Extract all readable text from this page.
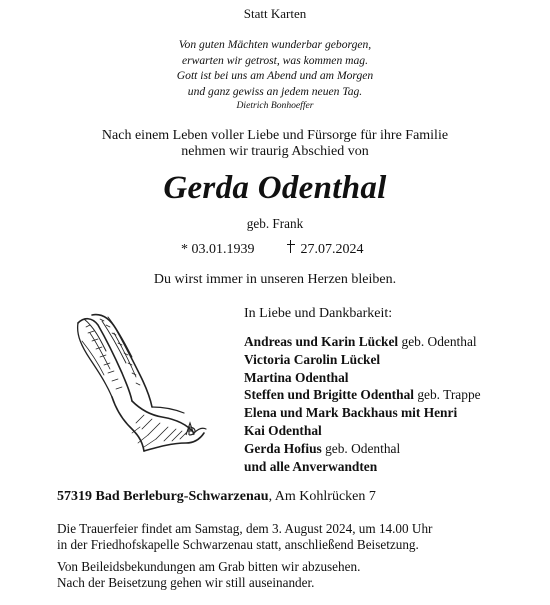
Statt Karten
Von guten Mächten wunderbar geborgen,
erwarten wir getrost, was kommen mag.
Gott ist bei uns am Abend und am Morgen
und ganz gewiss an jedem neuen Tag.
Dietrich Bonhoeffer
Nach einem Leben voller Liebe und Fürsorge für ihre Familie
nehmen wir traurig Abschied von
Gerda Odenthal
geb. Frank
* 03.01.1939	27.07.2024
Du wirst immer in unseren Herzen bleiben.
In Liebe und Dankbarkeit:
Andreas und Karin Lückel geb. Odenthal
Victoria Carolin Lückel
Martina Odenthal
Steffen und Brigitte Odenthal geb. Trappe
Elena und Mark Backhaus mit Henri
Kai Odenthal
Gerda Hofius geb. Odenthal
und alle Anverwandten
57319 Bad Berleburg-Schwarzenau, Am Kohlrücken 7
Die Trauerfeier findet am Samstag, dem 3. August 2024, um 14.00 Uhr
in der Friedhofskapelle Schwarzenau statt, anschließend Beisetzung.
Von Beileidsbekundungen am Grab bitten wir abzusehen.
Nach der Beisetzung gehen wir still auseinander.
